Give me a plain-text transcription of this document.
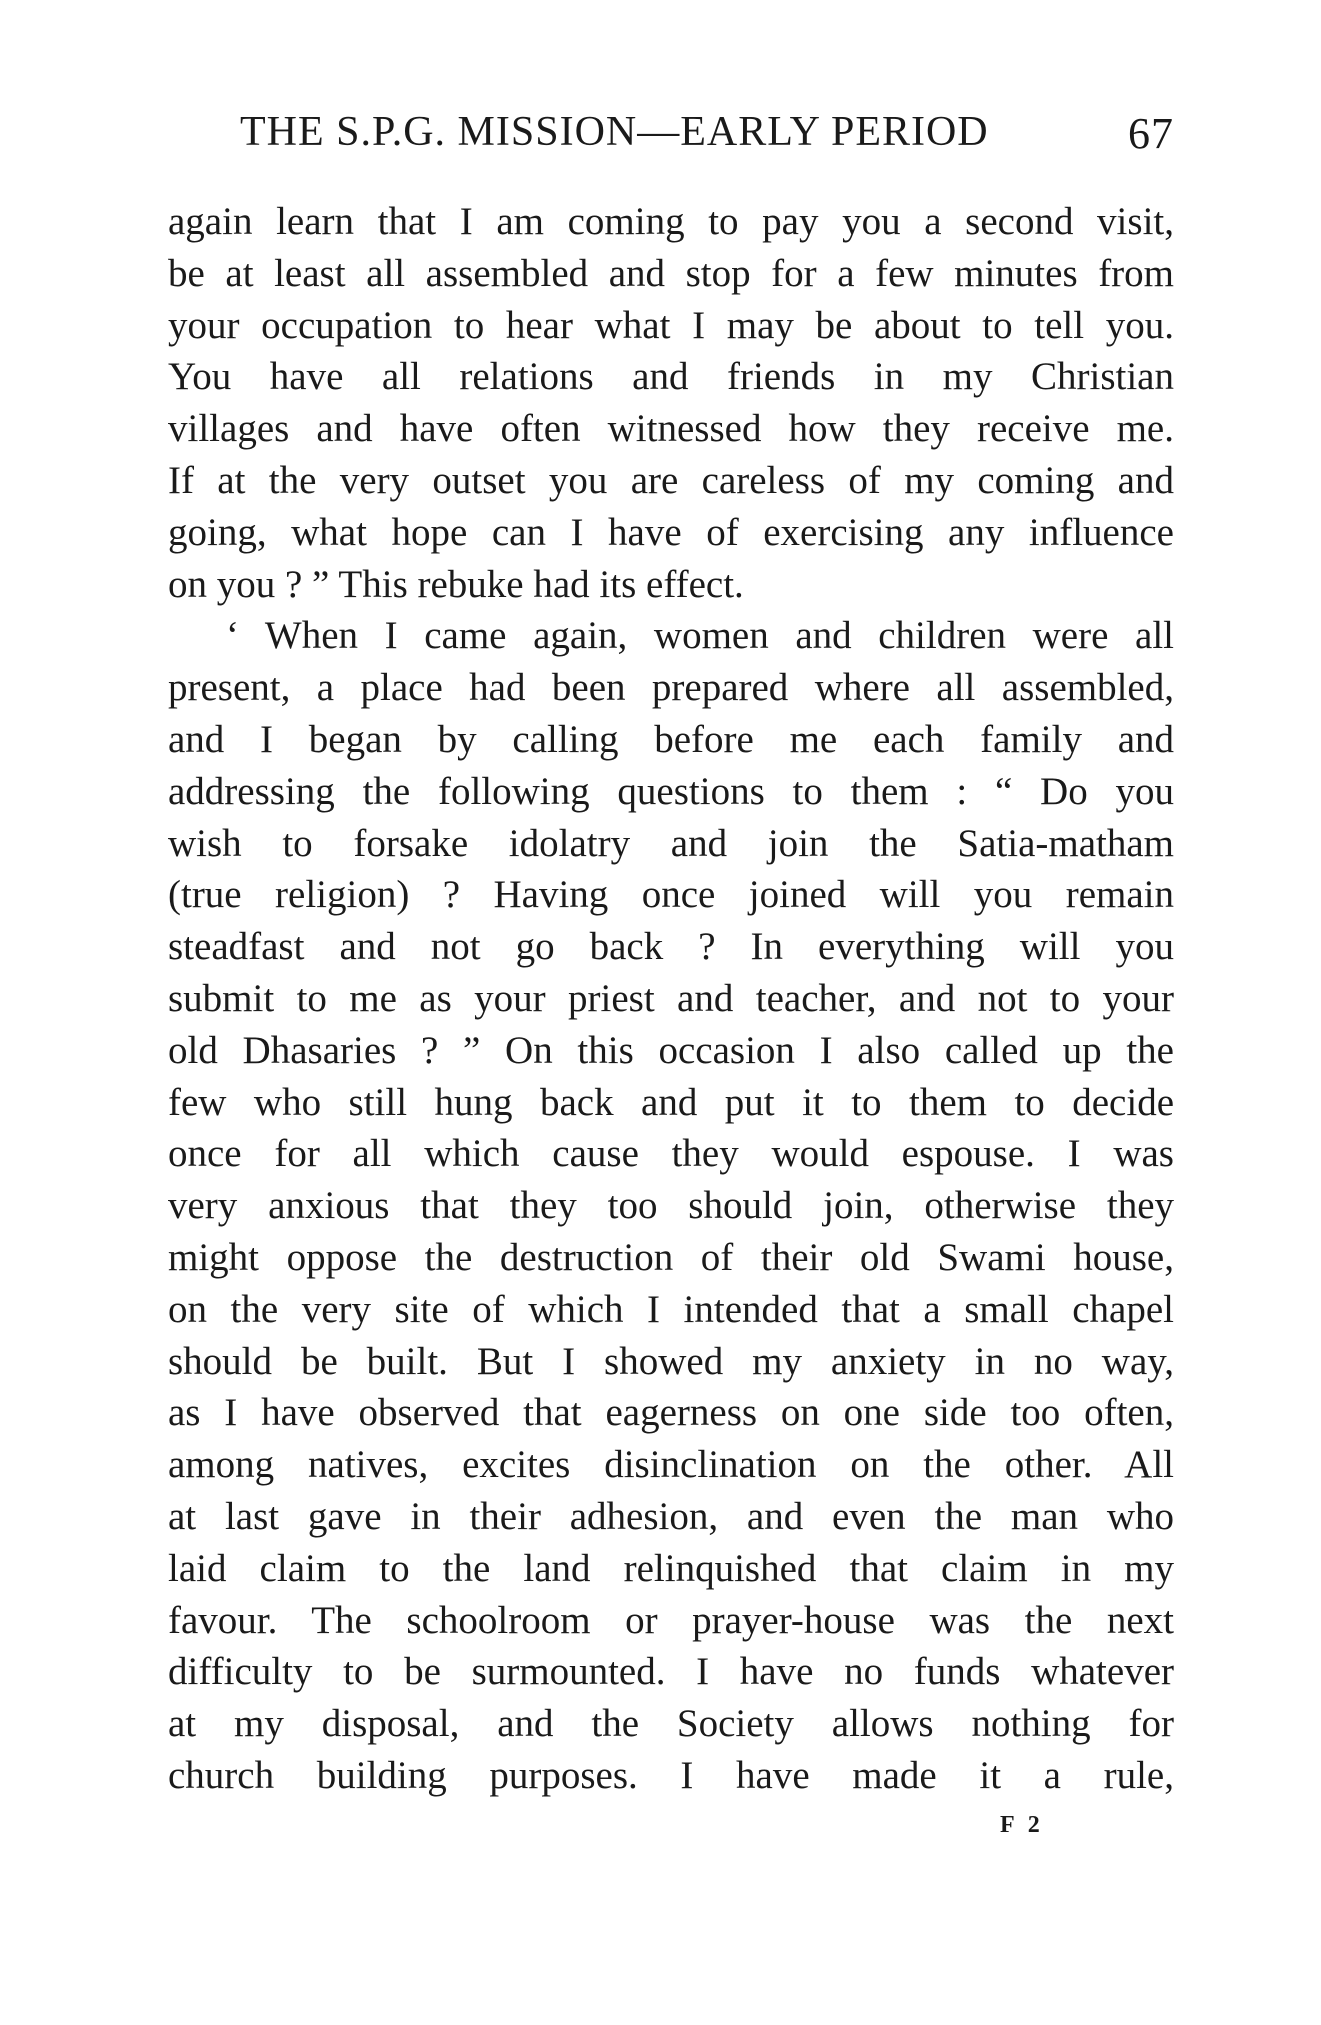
THE S.P.G. MISSION—EARLY PERIOD	67
again learn that I am coming to pay you a second visit,
be at least all assembled and stop for a few minutes from
your occupation to hear what I may be about to tell you.
You have all relations and friends in my Christian
villages and have often witnessed how they receive me.
If at the very outset you are careless of my coming and
going, what hope can I have of exercising any influence
on you ? ” This rebuke had its effect.
‘ When I came again, women and children were all
present, a place had been prepared where all assembled,
and I began by calling before me each family and
addressing the following questions to them : “ Do you
wish to forsake idolatry and join the Satia-matham
(true religion) ? Having once joined will you remain
steadfast and not go back ? In everything will you
submit to me as your priest and teacher, and not to your
old Dhasaries ? ” On this occasion I also called up the
few who still hung back and put it to them to decide
once for all which cause they would espouse. I was
very anxious that they too should join, otherwise they
might oppose the destruction of their old Swami house,
on the very site of which I intended that a small chapel
should be built. But I showed my anxiety in no way,
as I have observed that eagerness on one side too often,
among natives, excites disinclination on the other. All
at last gave in their adhesion, and even the man who
laid claim to the land relinquished that claim in my
favour. The schoolroom or prayer-house was the next
difficulty to be surmounted. I have no funds whatever
at my disposal, and the Society allows nothing for
church building purposes. I have made it a rule,
F 2
